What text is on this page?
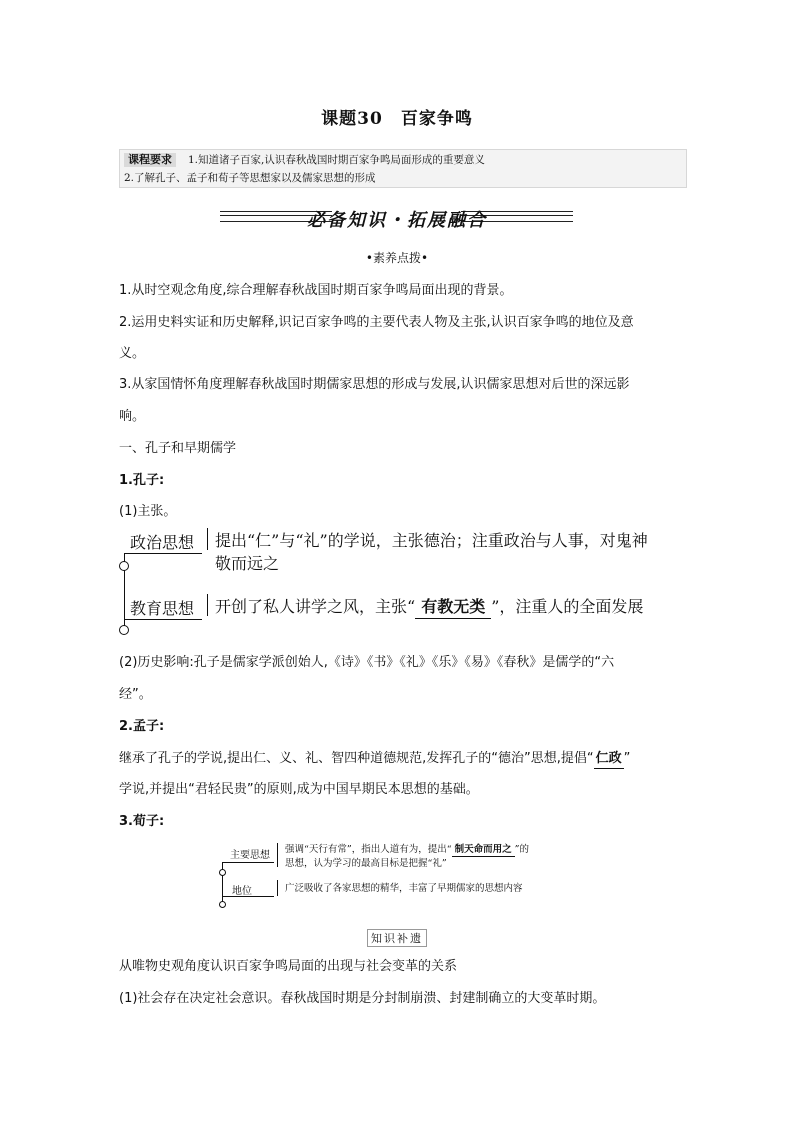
课题30　百家争鸣
课程要求	1.知道诸子百家,认识春秋战国时期百家争鸣局面形成的重要意义
2.了解孔子、孟子和荀子等思想家以及儒家思想的形成
必备知识・拓展融合
•素养点拨•
1.从时空观念角度,综合理解春秋战国时期百家争鸣局面出现的背景。
2.运用史料实证和历史解释,识记百家争鸣的主要代表人物及主张,认识百家争鸣的地位及意
义。
3.从家国情怀角度理解春秋战国时期儒家思想的形成与发展,认识儒家思想对后世的深远影
响。
一、孔子和早期儒学
1.孔子:
(1)主张。
政治思想 提出“仁”与“礼”的学说，主张德治；注重政治与人事，对鬼神
敬而远之
教育思想 开创了私人讲学之风，主张“ 有教无类 ”，注重人的全面发展
(2)历史影响:孔子是儒家学派创始人,《诗》《书》《礼》《乐》《易》《春秋》是儒学的“六
经”。
2.孟子:
继承了孔子的学说,提出仁、义、礼、智四种道德规范,发挥孔子的“德治”思想,提倡“ 仁政 ”
学说,并提出“君轻民贵”的原则,成为中国早期民本思想的基础。
3.荀子:
主要思想
强调“天行有常”，指出人道有为，提出“ 制天命而用之 ”的
思想，认为学习的最高目标是把握“礼”
地位	广泛吸收了各家思想的精华，丰富了早期儒家的思想内容
知识补遗
从唯物史观角度认识百家争鸣局面的出现与社会变革的关系
(1)社会存在决定社会意识。春秋战国时期是分封制崩溃、封建制确立的大变革时期。
